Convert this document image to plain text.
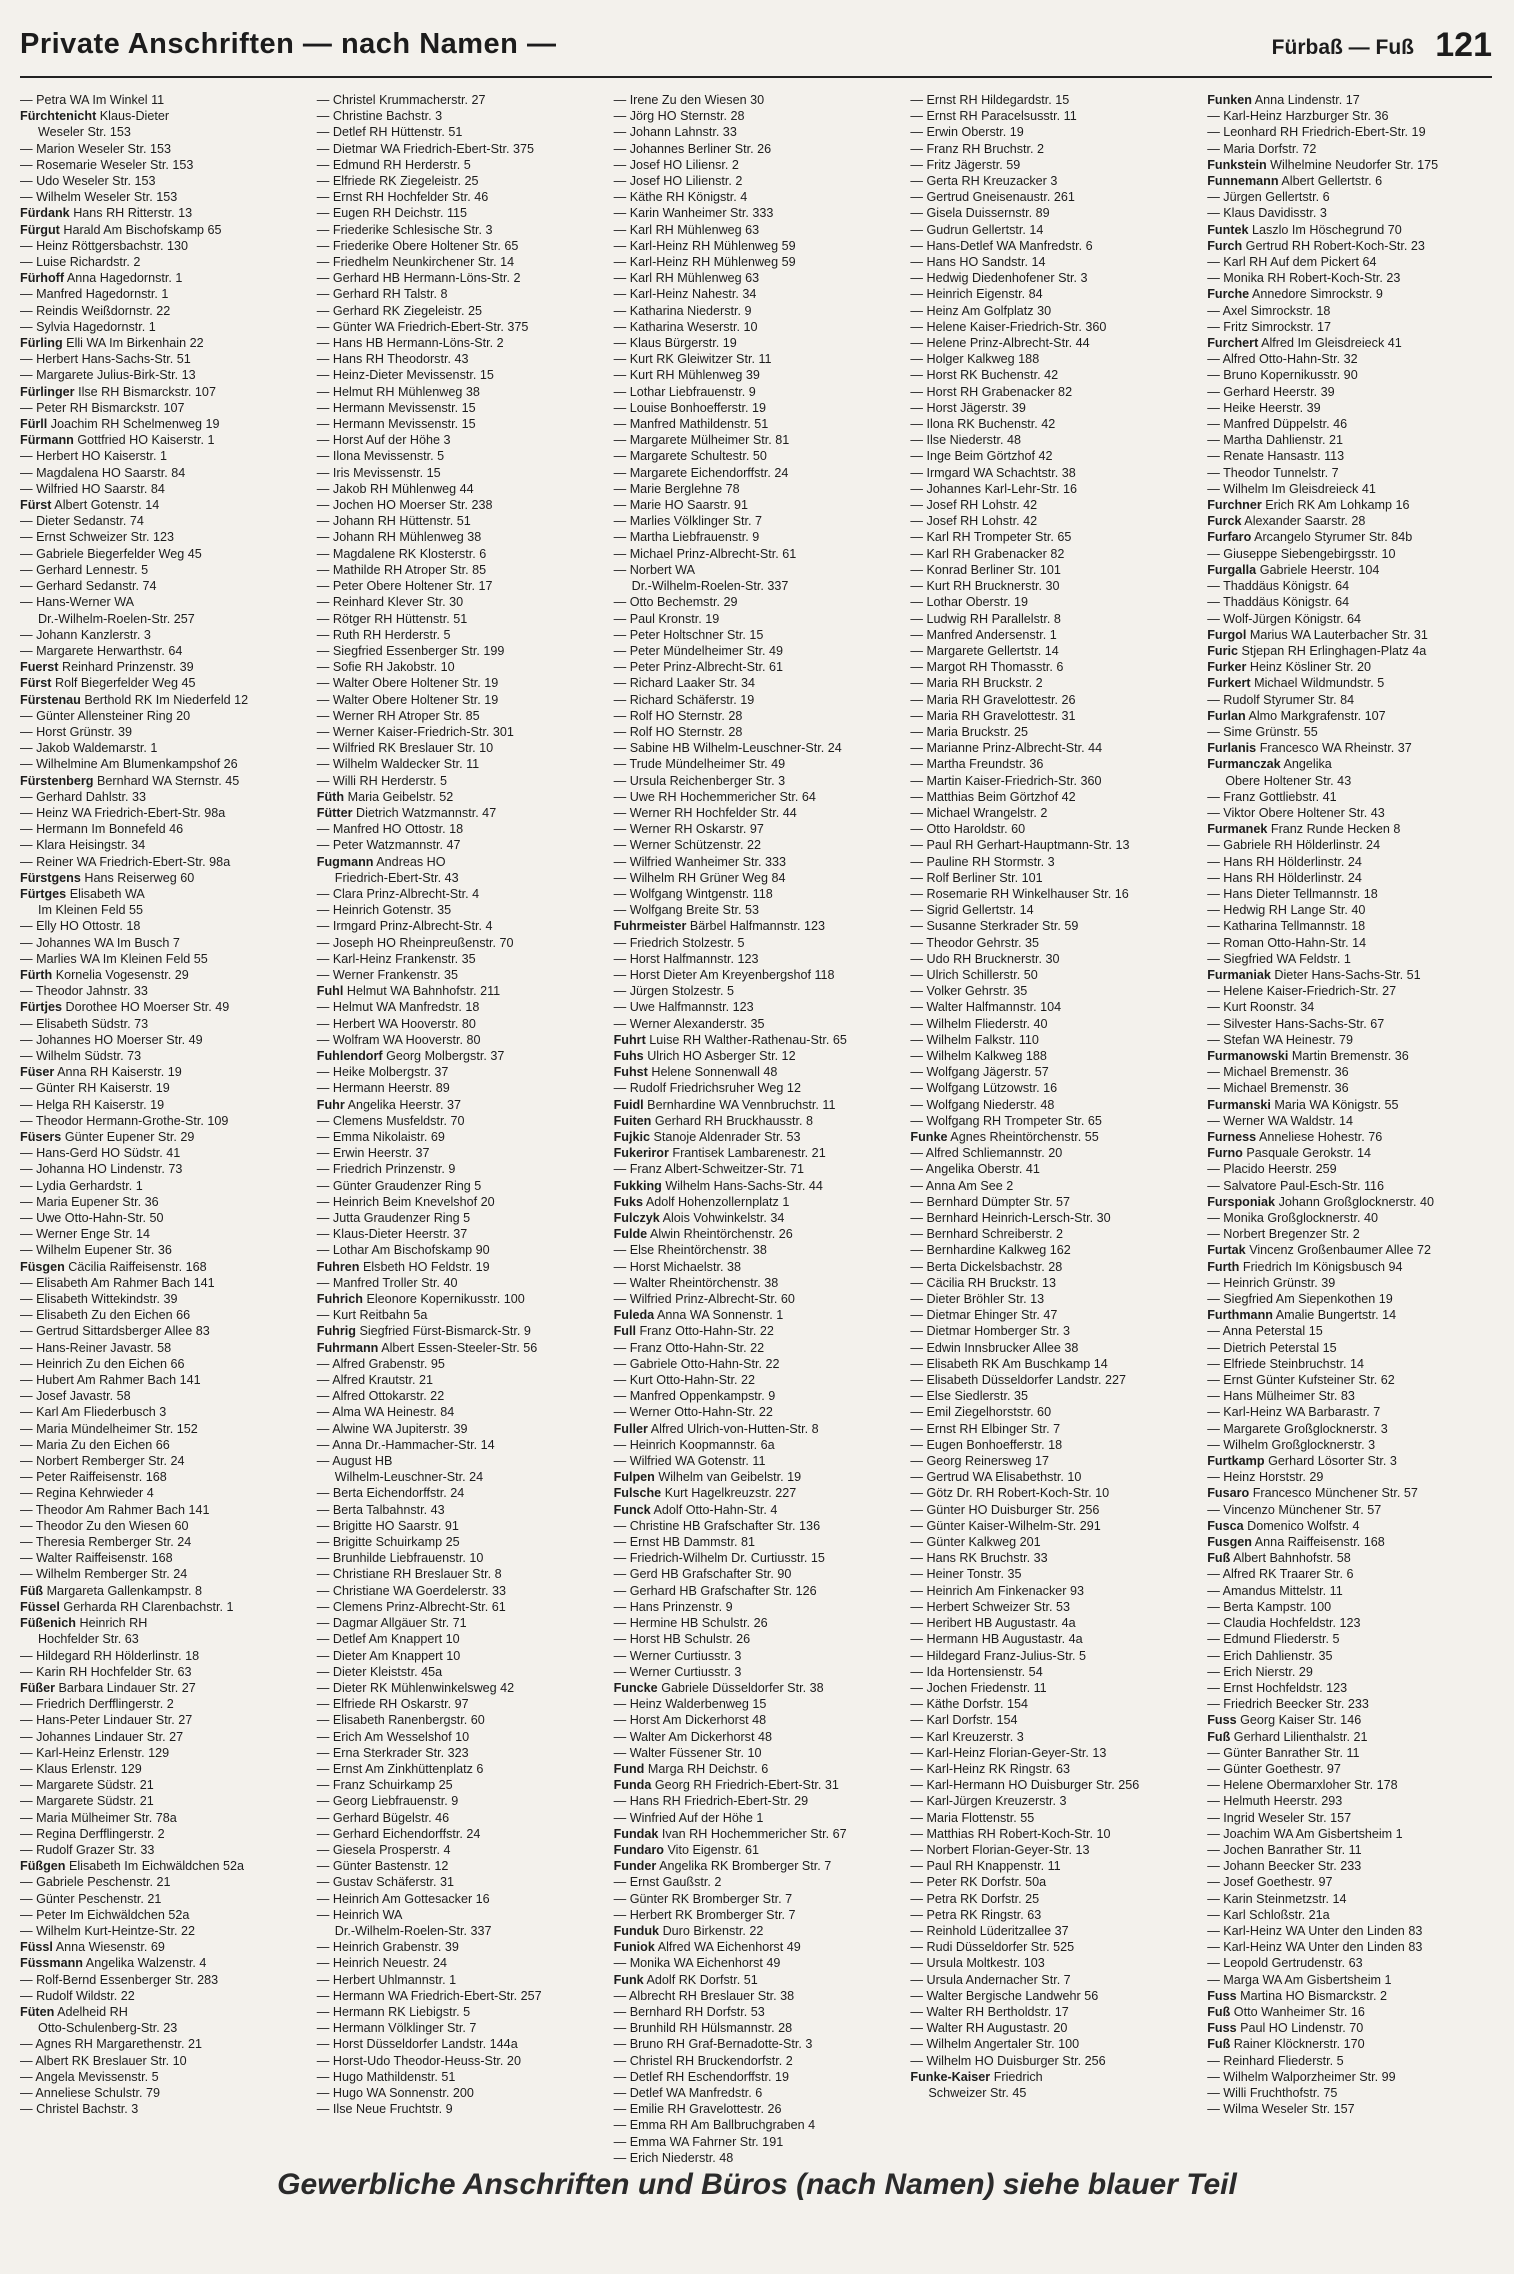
Private Anschriften — nach Namen —	Fürbaß — Fuß 121
— Petra WA Im Winkel 11
Fürchtenicht Klaus-Dieter
Weseler Str. 153
— Marion Weseler Str. 153
— Rosemarie Weseler Str. 153
— Udo Weseler Str. 153
— Wilhelm Weseler Str. 153
Fürdank Hans RH Ritterstr. 13
Fürgut Harald Am Bischofskamp 65
— Heinz Röttgersbachstr. 130
— Luise Richardstr. 2
Fürhoff Anna Hagedornstr. 1
— Manfred Hagedornstr. 1
— Reindis Weißdornstr. 22
— Sylvia Hagedornstr. 1
Fürling Elli WA Im Birkenhain 22
— Herbert Hans-Sachs-Str. 51
— Margarete Julius-Birk-Str. 13
Fürlinger Ilse RH Bismarckstr. 107
— Peter RH Bismarckstr. 107
Fürll Joachim RH Schelmenweg 19
Fürmann Gottfried HO Kaiserstr. 1
— Herbert HO Kaiserstr. 1
— Magdalena HO Saarstr. 84
— Wilfried HO Saarstr. 84
Fürst Albert Gotenstr. 14
— Dieter Sedanstr. 74
— Ernst Schweizer Str. 123
— Gabriele Biegerfelder Weg 45
— Gerhard Lennestr. 5
— Gerhard Sedanstr. 74
— Hans-Werner WA
Dr.-Wilhelm-Roelen-Str. 257
— Johann Kanzlerstr. 3
— Margarete Herwarthstr. 64
Fuerst Reinhard Prinzenstr. 39
Fürst Rolf Biegerfelder Weg 45
Fürstenau Berthold RK Im Niederfeld 12
— Günter Allensteiner Ring 20
— Horst Grünstr. 39
— Jakob Waldemarstr. 1
— Wilhelmine Am Blumenkampshof 26
Fürstenberg Bernhard WA Sternstr. 45
— Gerhard Dahlstr. 33
— Heinz WA Friedrich-Ebert-Str. 98a
— Hermann Im Bonnefeld 46
— Klara Heisingstr. 34
— Reiner WA Friedrich-Ebert-Str. 98a
Fürstgens Hans Reiserweg 60
Fürtges Elisabeth WA
Im Kleinen Feld 55
— Elly HO Ottostr. 18
— Johannes WA Im Busch 7
— Marlies WA Im Kleinen Feld 55
Fürth Kornelia Vogesenstr. 29
— Theodor Jahnstr. 33
Fürtjes Dorothee HO Moerser Str. 49
— Elisabeth Südstr. 73
— Johannes HO Moerser Str. 49
— Wilhelm Südstr. 73
Füser Anna RH Kaiserstr. 19
— Günter RH Kaiserstr. 19
— Helga RH Kaiserstr. 19
— Theodor Hermann-Grothe-Str. 109
Füsers Günter Eupener Str. 29
— Hans-Gerd HO Südstr. 41
— Johanna HO Lindenstr. 73
— Lydia Gerhardstr. 1
— Maria Eupener Str. 36
— Uwe Otto-Hahn-Str. 50
— Werner Enge Str. 14
— Wilhelm Eupener Str. 36
Füsgen Cäcilia Raiffeisenstr. 168
— Elisabeth Am Rahmer Bach 141
— Elisabeth Wittekindstr. 39
— Elisabeth Zu den Eichen 66
— Gertrud Sittardsberger Allee 83
— Hans-Reiner Javastr. 58
— Heinrich Zu den Eichen 66
— Hubert Am Rahmer Bach 141
— Josef Javastr. 58
— Karl Am Fliederbusch 3
— Maria Mündelheimer Str. 152
— Maria Zu den Eichen 66
— Norbert Remberger Str. 24
— Peter Raiffeisenstr. 168
— Regina Kehrwieder 4
— Theodor Am Rahmer Bach 141
— Theodor Zu den Wiesen 60
— Theresia Remberger Str. 24
— Walter Raiffeisenstr. 168
— Wilhelm Remberger Str. 24
Füß Margareta Gallenkampstr. 8
Füssel Gerharda RH Clarenbachstr. 1
Füßenich Heinrich RH
Hochfelder Str. 63
— Hildegard RH Hölderlinstr. 18
— Karin RH Hochfelder Str. 63
Füßer Barbara Lindauer Str. 27
— Friedrich Derfflingerstr. 2
— Hans-Peter Lindauer Str. 27
— Johannes Lindauer Str. 27
— Karl-Heinz Erlenstr. 129
— Klaus Erlenstr. 129
— Margarete Südstr. 21
— Margarete Südstr. 21
— Maria Mülheimer Str. 78a
— Regina Derfflingerstr. 2
— Rudolf Grazer Str. 33
Füßgen Elisabeth Im Eichwäldchen 52a
— Gabriele Peschenstr. 21
— Günter Peschenstr. 21
— Peter Im Eichwäldchen 52a
— Wilhelm Kurt-Heintze-Str. 22
Füssl Anna Wiesenstr. 69
Füssmann Angelika Walzenstr. 4
— Rolf-Bernd Essenberger Str. 283
— Rudolf Wildstr. 22
Füten Adelheid RH
Otto-Schulenberg-Str. 23
— Agnes RH Margarethenstr. 21
— Albert RK Breslauer Str. 10
— Angela Mevissenstr. 5
— Anneliese Schulstr. 79
— Christel Bachstr. 3
— Christel Krummacherstr. 27
— Christine Bachstr. 3
— Detlef RH Hüttenstr. 51
— Dietmar WA Friedrich-Ebert-Str. 375
— Edmund RH Herderstr. 5
— Elfriede RK Ziegeleistr. 25
— Ernst RH Hochfelder Str. 46
— Eugen RH Deichstr. 115
— Friederike Schlesische Str. 3
— Friederike Obere Holtener Str. 65
— Friedhelm Neunkirchener Str. 14
— Gerhard HB Hermann-Löns-Str. 2
— Gerhard RH Talstr. 8
— Gerhard RK Ziegeleistr. 25
— Günter WA Friedrich-Ebert-Str. 375
— Hans HB Hermann-Löns-Str. 2
— Hans RH Theodorstr. 43
— Heinz-Dieter Mevissenstr. 15
— Helmut RH Mühlenweg 38
— Hermann Mevissenstr. 15
— Hermann Mevissenstr. 15
— Horst Auf der Höhe 3
— Ilona Mevissenstr. 5
— Iris Mevissenstr. 15
— Jakob RH Mühlenweg 44
— Jochen HO Moerser Str. 238
— Johann RH Hüttenstr. 51
— Johann RH Mühlenweg 38
— Magdalene RK Klosterstr. 6
— Mathilde RH Atroper Str. 85
— Peter Obere Holtener Str. 17
— Reinhard Klever Str. 30
— Rötger RH Hüttenstr. 51
— Ruth RH Herderstr. 5
— Siegfried Essenberger Str. 199
— Sofie RH Jakobstr. 10
— Walter Obere Holtener Str. 19
— Walter Obere Holtener Str. 19
— Werner RH Atroper Str. 85
— Werner Kaiser-Friedrich-Str. 301
— Wilfried RK Breslauer Str. 10
— Wilhelm Waldecker Str. 11
— Willi RH Herderstr. 5
Füth Maria Geibelstr. 52
Fütter Dietrich Watzmannstr. 47
— Manfred HO Ottostr. 18
— Peter Watzmannstr. 47
Fugmann Andreas HO
Friedrich-Ebert-Str. 43
— Clara Prinz-Albrecht-Str. 4
— Heinrich Gotenstr. 35
— Irmgard Prinz-Albrecht-Str. 4
— Joseph HO Rheinpreußenstr. 70
— Karl-Heinz Frankenstr. 35
— Werner Frankenstr. 35
Fuhl Helmut WA Bahnhofstr. 211
— Helmut WA Manfredstr. 18
— Herbert WA Hooverstr. 80
— Wolfram WA Hooverstr. 80
Fuhlendorf Georg Molbergstr. 37
— Heike Molbergstr. 37
— Hermann Heerstr. 89
Fuhr Angelika Heerstr. 37
— Clemens Musfeldstr. 70
— Emma Nikolaistr. 69
— Erwin Heerstr. 37
— Friedrich Prinzenstr. 9
— Günter Graudenzer Ring 5
— Heinrich Beim Knevelshof 20
— Jutta Graudenzer Ring 5
— Klaus-Dieter Heerstr. 37
— Lothar Am Bischofskamp 90
Fuhren Elsbeth HO Feldstr. 19
— Manfred Troller Str. 40
Fuhrich Eleonore Kopernikusstr. 100
— Kurt Reitbahn 5a
Fuhrig Siegfried Fürst-Bismarck-Str. 9
Fuhrmann Albert Essen-Steeler-Str. 56
— Alfred Grabenstr. 95
— Alfred Krautstr. 21
— Alfred Ottokarstr. 22
— Alma WA Heinestr. 84
— Alwine WA Jupiterstr. 39
— Anna Dr.-Hammacher-Str. 14
— August HB
Wilhelm-Leuschner-Str. 24
— Berta Eichendorffstr. 24
— Berta Talbahnstr. 43
— Brigitte HO Saarstr. 91
— Brigitte Schuirkamp 25
— Brunhilde Liebfrauenstr. 10
— Christiane RH Breslauer Str. 8
— Christiane WA Goerdelerstr. 33
— Clemens Prinz-Albrecht-Str. 61
— Dagmar Allgäuer Str. 71
— Detlef Am Knappert 10
— Dieter Am Knappert 10
— Dieter Kleiststr. 45a
— Dieter RK Mühlenwinkelsweg 42
— Elfriede RH Oskarstr. 97
— Elisabeth Ranenbergstr. 60
— Erich Am Wesselshof 10
— Erna Sterkrader Str. 323
— Ernst Am Zinkhüttenplatz 6
— Franz Schuirkamp 25
— Georg Liebfrauenstr. 9
— Gerhard Bügelstr. 46
— Gerhard Eichendorffstr. 24
— Giesela Prosperstr. 4
— Günter Bastenstr. 12
— Gustav Schäferstr. 31
— Heinrich Am Gottesacker 16
— Heinrich WA
Dr.-Wilhelm-Roelen-Str. 337
— Heinrich Grabenstr. 39
— Heinrich Neuestr. 24
— Herbert Uhlmannstr. 1
— Hermann WA Friedrich-Ebert-Str. 257
— Hermann RK Liebigstr. 5
— Hermann Völklinger Str. 7
— Horst Düsseldorfer Landstr. 144a
— Horst-Udo Theodor-Heuss-Str. 20
— Hugo Mathildenstr. 51
— Hugo WA Sonnenstr. 200
— Ilse Neue Fruchtstr. 9
— Irene Zu den Wiesen 30
— Jörg HO Sternstr. 28
— Johann Lahnstr. 33
— Johannes Berliner Str. 26
— Josef HO Liliensr. 2
— Josef HO Lilienstr. 2
— Käthe RH Königstr. 4
— Karin Wanheimer Str. 333
— Karl RH Mühlenweg 63
— Karl-Heinz RH Mühlenweg 59
— Karl-Heinz RH Mühlenweg 59
— Karl RH Mühlenweg 63
— Karl-Heinz Nahestr. 34
— Katharina Niederstr. 9
— Katharina Weserstr. 10
— Klaus Bürgerstr. 19
— Kurt RK Gleiwitzer Str. 11
— Kurt RH Mühlenweg 39
— Lothar Liebfrauenstr. 9
— Louise Bonhoefferstr. 19
— Manfred Mathildenstr. 51
— Margarete Mülheimer Str. 81
— Margarete Schultestr. 50
— Margarete Eichendorffstr. 24
— Marie Berglehne 78
— Marie HO Saarstr. 91
— Marlies Völklinger Str. 7
— Martha Liebfrauenstr. 9
— Michael Prinz-Albrecht-Str. 61
— Norbert WA
Dr.-Wilhelm-Roelen-Str. 337
— Otto Bechemstr. 29
— Paul Kronstr. 19
— Peter Holtschner Str. 15
— Peter Mündelheimer Str. 49
— Peter Prinz-Albrecht-Str. 61
— Richard Laaker Str. 34
— Richard Schäferstr. 19
— Rolf HO Sternstr. 28
— Rolf HO Sternstr. 28
— Sabine HB Wilhelm-Leuschner-Str. 24
— Trude Mündelheimer Str. 49
— Ursula Reichenberger Str. 3
— Uwe RH Hochemmericher Str. 64
— Werner RH Hochfelder Str. 44
— Werner RH Oskarstr. 97
— Werner Schützenstr. 22
— Wilfried Wanheimer Str. 333
— Wilhelm RH Grüner Weg 84
— Wolfgang Wintgenstr. 118
— Wolfgang Breite Str. 53
Fuhrmeister Bärbel Halfmannstr. 123
— Friedrich Stolzestr. 5
— Horst Halfmannstr. 123
— Horst Dieter Am Kreyenbergshof 118
— Jürgen Stolzestr. 5
— Uwe Halfmannstr. 123
— Werner Alexanderstr. 35
Fuhrt Luise RH Walther-Rathenau-Str. 65
Fuhs Ulrich HO Asberger Str. 12
Fuhst Helene Sonnenwall 48
— Rudolf Friedrichsruher Weg 12
Fuidl Bernhardine WA Vennbruchstr. 11
Fuiten Gerhard RH Bruckhausstr. 8
Fujkic Stanoje Aldenrader Str. 53
Fukeriror Frantisek Lambarenestr. 21
— Franz Albert-Schweitzer-Str. 71
Fukking Wilhelm Hans-Sachs-Str. 44
Fuks Adolf Hohenzollernplatz 1
Fulczyk Alois Vohwinkelstr. 34
Fulde Alwin Rheintörchenstr. 26
— Else Rheintörchenstr. 38
— Horst Michaelstr. 38
— Walter Rheintörchenstr. 38
— Wilfried Prinz-Albrecht-Str. 60
Fuleda Anna WA Sonnenstr. 1
Full Franz Otto-Hahn-Str. 22
— Franz Otto-Hahn-Str. 22
— Gabriele Otto-Hahn-Str. 22
— Kurt Otto-Hahn-Str. 22
— Manfred Oppenkampstr. 9
— Werner Otto-Hahn-Str. 22
Fuller Alfred Ulrich-von-Hutten-Str. 8
— Heinrich Koopmannstr. 6a
— Wilfried WA Gotenstr. 11
Fulpen Wilhelm van Geibelstr. 19
Fulsche Kurt Hagelkreuzstr. 227
Funck Adolf Otto-Hahn-Str. 4
— Christine HB Grafschafter Str. 136
— Ernst HB Dammstr. 81
— Friedrich-Wilhelm Dr. Curtiusstr. 15
— Gerd HB Grafschafter Str. 90
— Gerhard HB Grafschafter Str. 126
— Hans Prinzenstr. 9
— Hermine HB Schulstr. 26
— Horst HB Schulstr. 26
— Werner Curtiusstr. 3
— Werner Curtiusstr. 3
Funcke Gabriele Düsseldorfer Str. 38
— Heinz Walderbenweg 15
— Horst Am Dickerhorst 48
— Walter Am Dickerhorst 48
— Walter Füssener Str. 10
Fund Marga RH Deichstr. 6
Funda Georg RH Friedrich-Ebert-Str. 31
— Hans RH Friedrich-Ebert-Str. 29
— Winfried Auf der Höhe 1
Fundak Ivan RH Hochemmericher Str. 67
Fundaro Vito Eigenstr. 61
Funder Angelika RK Bromberger Str. 7
— Ernst Gaußstr. 2
— Günter RK Bromberger Str. 7
— Herbert RK Bromberger Str. 7
Funduk Duro Birkenstr. 22
Funiok Alfred WA Eichenhorst 49
— Monika WA Eichenhorst 49
Funk Adolf RK Dorfstr. 51
— Albrecht RH Breslauer Str. 38
— Bernhard RH Dorfstr. 53
— Brunhild RH Hülsmannstr. 28
— Bruno RH Graf-Bernadotte-Str. 3
— Christel RH Bruckendorfstr. 2
— Detlef RH Eschendorffstr. 19
— Detlef WA Manfredstr. 6
— Emilie RH Gravelottestr. 26
— Emma RH Am Ballbruchgraben 4
— Emma WA Fahrner Str. 191
— Erich Niederstr. 48
— Ernst RH Hildegardstr. 15
— Ernst RH Paracelsusstr. 11
— Erwin Oberstr. 19
— Franz RH Bruchstr. 2
— Fritz Jägerstr. 59
— Gerta RH Kreuzacker 3
— Gertrud Gneisenaustr. 261
— Gisela Duissernstr. 89
— Gudrun Gellertstr. 14
— Hans-Detlef WA Manfredstr. 6
— Hans HO Sandstr. 14
— Hedwig Diedenhofener Str. 3
— Heinrich Eigenstr. 84
— Heinz Am Golfplatz 30
— Helene Kaiser-Friedrich-Str. 360
— Helene Prinz-Albrecht-Str. 44
— Holger Kalkweg 188
— Horst RK Buchenstr. 42
— Horst RH Grabenacker 82
— Horst Jägerstr. 39
— Ilona RK Buchenstr. 42
— Ilse Niederstr. 48
— Inge Beim Görtzhof 42
— Irmgard WA Schachtstr. 38
— Johannes Karl-Lehr-Str. 16
— Josef RH Lohstr. 42
— Josef RH Lohstr. 42
— Karl RH Trompeter Str. 65
— Karl RH Grabenacker 82
— Konrad Berliner Str. 101
— Kurt RH Brucknerstr. 30
— Lothar Oberstr. 19
— Ludwig RH Parallelstr. 8
— Manfred Andersenstr. 1
— Margarete Gellertstr. 14
— Margot RH Thomasstr. 6
— Maria RH Bruckstr. 2
— Maria RH Gravelottestr. 26
— Maria RH Gravelottestr. 31
— Maria Bruckstr. 25
— Marianne Prinz-Albrecht-Str. 44
— Martha Freundstr. 36
— Martin Kaiser-Friedrich-Str. 360
— Matthias Beim Görtzhof 42
— Michael Wrangelstr. 2
— Otto Haroldstr. 60
— Paul RH Gerhart-Hauptmann-Str. 13
— Pauline RH Stormstr. 3
— Rolf Berliner Str. 101
— Rosemarie RH Winkelhauser Str. 16
— Sigrid Gellertstr. 14
— Susanne Sterkrader Str. 59
— Theodor Gehrstr. 35
— Udo RH Brucknerstr. 30
— Ulrich Schillerstr. 50
— Volker Gehrstr. 35
— Walter Halfmannstr. 104
— Wilhelm Fliederstr. 40
— Wilhelm Falkstr. 110
— Wilhelm Kalkweg 188
— Wolfgang Jägerstr. 57
— Wolfgang Lützowstr. 16
— Wolfgang Niederstr. 48
— Wolfgang RH Trompeter Str. 65
Funke Agnes Rheintörchenstr. 55
— Alfred Schliemannstr. 20
— Angelika Oberstr. 41
— Anna Am See 2
— Bernhard Dümpter Str. 57
— Bernhard Heinrich-Lersch-Str. 30
— Bernhard Schreiberstr. 2
— Bernhardine Kalkweg 162
— Berta Dickelsbachstr. 28
— Cäcilia RH Bruckstr. 13
— Dieter Bröhler Str. 13
— Dietmar Ehinger Str. 47
— Dietmar Homberger Str. 3
— Edwin Innsbrucker Allee 38
— Elisabeth RK Am Buschkamp 14
— Elisabeth Düsseldorfer Landstr. 227
— Else Siedlerstr. 35
— Emil Ziegelhorststr. 60
— Ernst RH Elbinger Str. 7
— Eugen Bonhoefferstr. 18
— Georg Reinersweg 17
— Gertrud WA Elisabethstr. 10
— Götz Dr. RH Robert-Koch-Str. 10
— Günter HO Duisburger Str. 256
— Günter Kaiser-Wilhelm-Str. 291
— Günter Kalkweg 201
— Hans RK Bruchstr. 33
— Heiner Tonstr. 35
— Heinrich Am Finkenacker 93
— Herbert Schweizer Str. 53
— Heribert HB Augustastr. 4a
— Hermann HB Augustastr. 4a
— Hildegard Franz-Julius-Str. 5
— Ida Hortensienstr. 54
— Jochen Friedenstr. 11
— Käthe Dorfstr. 154
— Karl Dorfstr. 154
— Karl Kreuzerstr. 3
— Karl-Heinz Florian-Geyer-Str. 13
— Karl-Heinz RK Ringstr. 63
— Karl-Hermann HO Duisburger Str. 256
— Karl-Jürgen Kreuzerstr. 3
— Maria Flottenstr. 55
— Matthias RH Robert-Koch-Str. 10
— Norbert Florian-Geyer-Str. 13
— Paul RH Knappenstr. 11
— Peter RK Dorfstr. 50a
— Petra RK Dorfstr. 25
— Petra RK Ringstr. 63
— Reinhold Lüderitzallee 37
— Rudi Düsseldorfer Str. 525
— Ursula Moltkestr. 103
— Ursula Andernacher Str. 7
— Walter Bergische Landwehr 56
— Walter RH Bertholdstr. 17
— Walter RH Augustastr. 20
— Wilhelm Angertaler Str. 100
— Wilhelm HO Duisburger Str. 256
Funke-Kaiser Friedrich
Schweizer Str. 45
Funken Anna Lindenstr. 17
— Karl-Heinz Harzburger Str. 36
— Leonhard RH Friedrich-Ebert-Str. 19
— Maria Dorfstr. 72
Funkstein Wilhelmine Neudorfer Str. 175
Funnemann Albert Gellertstr. 6
— Jürgen Gellertstr. 6
— Klaus Davidisstr. 3
Funtek Laszlo Im Höschegrund 70
Furch Gertrud RH Robert-Koch-Str. 23
— Karl RH Auf dem Pickert 64
— Monika RH Robert-Koch-Str. 23
Furche Annedore Simrockstr. 9
— Axel Simrockstr. 18
— Fritz Simrockstr. 17
Furchert Alfred Im Gleisdreieck 41
— Alfred Otto-Hahn-Str. 32
— Bruno Kopernikusstr. 90
— Gerhard Heerstr. 39
— Heike Heerstr. 39
— Manfred Düppelstr. 46
— Martha Dahlienstr. 21
— Renate Hansastr. 113
— Theodor Tunnelstr. 7
— Wilhelm Im Gleisdreieck 41
Furchner Erich RK Am Lohkamp 16
Furck Alexander Saarstr. 28
Furfaro Arcangelo Styrumer Str. 84b
— Giuseppe Siebengebirgsstr. 10
Furgalla Gabriele Heerstr. 104
— Thaddäus Königstr. 64
— Thaddäus Königstr. 64
— Wolf-Jürgen Königstr. 64
Furgol Marius WA Lauterbacher Str. 31
Furic Stjepan RH Erlinghagen-Platz 4a
Furker Heinz Kösliner Str. 20
Furkert Michael Wildmundstr. 5
— Rudolf Styrumer Str. 84
Furlan Almo Markgrafenstr. 107
— Sime Grünstr. 55
Furlanis Francesco WA Rheinstr. 37
Furmanczak Angelika
Obere Holtener Str. 43
— Franz Gottliebstr. 41
— Viktor Obere Holtener Str. 43
Furmanek Franz Runde Hecken 8
— Gabriele RH Hölderlinstr. 24
— Hans RH Hölderlinstr. 24
— Hans RH Hölderlinstr. 24
— Hans Dieter Tellmannstr. 18
— Hedwig RH Lange Str. 40
— Katharina Tellmannstr. 18
— Roman Otto-Hahn-Str. 14
— Siegfried WA Feldstr. 1
Furmaniak Dieter Hans-Sachs-Str. 51
— Helene Kaiser-Friedrich-Str. 27
— Kurt Roonstr. 34
— Silvester Hans-Sachs-Str. 67
— Stefan WA Heinestr. 79
Furmanowski Martin Bremenstr. 36
— Michael Bremenstr. 36
— Michael Bremenstr. 36
Furmanski Maria WA Königstr. 55
— Werner WA Waldstr. 14
Furness Anneliese Hohestr. 76
Furno Pasquale Gerokstr. 14
— Placido Heerstr. 259
— Salvatore Paul-Esch-Str. 116
Fursponiak Johann Großglocknerstr. 40
— Monika Großglocknerstr. 40
— Norbert Bregenzer Str. 2
Furtak Vincenz Großenbaumer Allee 72
Furth Friedrich Im Königsbusch 94
— Heinrich Grünstr. 39
— Siegfried Am Siepenkothen 19
Furthmann Amalie Bungertstr. 14
— Anna Peterstal 15
— Dietrich Peterstal 15
— Elfriede Steinbruchstr. 14
— Ernst Günter Kufsteiner Str. 62
— Hans Mülheimer Str. 83
— Karl-Heinz WA Barbarastr. 7
— Margarete Großglocknerstr. 3
— Wilhelm Großglocknerstr. 3
Furtkamp Gerhard Lösorter Str. 3
— Heinz Horststr. 29
Fusaro Francesco Münchener Str. 57
— Vincenzo Münchener Str. 57
Fusca Domenico Wolfstr. 4
Fusgen Anna Raiffeisenstr. 168
Fuß Albert Bahnhofstr. 58
— Alfred RK Traarer Str. 6
— Amandus Mittelstr. 11
— Berta Kampstr. 100
— Claudia Hochfeldstr. 123
— Edmund Fliederstr. 5
— Erich Dahlienstr. 35
— Erich Nierstr. 29
— Ernst Hochfeldstr. 123
— Friedrich Beecker Str. 233
Fuss Georg Kaiser Str. 146
Fuß Gerhard Lilienthalstr. 21
— Günter Banrather Str. 11
— Günter Goethestr. 97
— Helene Obermarxloher Str. 178
— Helmuth Heerstr. 293
— Ingrid Weseler Str. 157
— Joachim WA Am Gisbertsheim 1
— Jochen Banrather Str. 11
— Johann Beecker Str. 233
— Josef Goethestr. 97
— Karin Steinmetzstr. 14
— Karl Schloßstr. 21a
— Karl-Heinz WA Unter den Linden 83
— Karl-Heinz WA Unter den Linden 83
— Leopold Gertrudenstr. 63
— Marga WA Am Gisbertsheim 1
Fuss Martina HO Bismarckstr. 2
Fuß Otto Wanheimer Str. 16
Fuss Paul HO Lindenstr. 70
Fuß Rainer Klöcknerstr. 170
— Reinhard Fliederstr. 5
— Wilhelm Walporzheimer Str. 99
— Willi Fruchthofstr. 75
— Wilma Weseler Str. 157
Gewerbliche Anschriften und Büros (nach Namen) siehe blauer Teil
